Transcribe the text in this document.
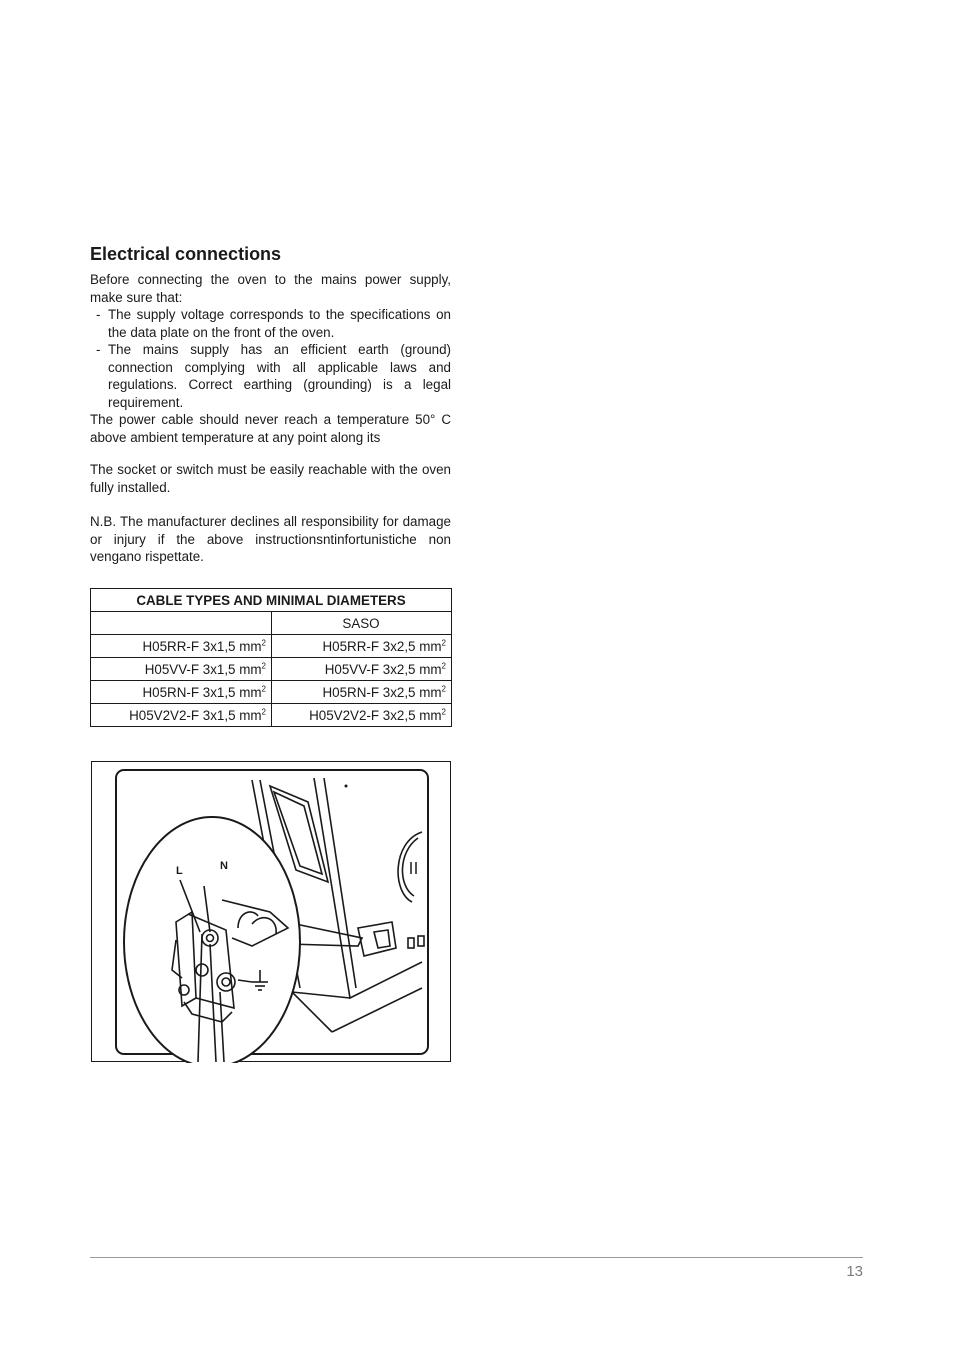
Electrical connections

Before connecting the oven to the mains power supply, make sure that:

- The supply voltage corresponds to the specifications on the data plate on the front of the oven.
- The mains supply has an efficient earth (ground) connection complying with all applicable laws and regulations. Correct earthing (grounding) is a legal requirement.

The power cable should never reach a temperature 50° C above ambient temperature at any point along its

The socket or switch must be easily reachable with the oven fully installed.

N.B. The manufacturer declines all responsibility for damage or injury if the above instructionsntinfortunistiche non vengano rispettate.

CABLE TYPES AND MINIMAL DIAMETERS	
	SASO
H05RR-F 3x1,5 $mm^2$	H05RR-F 3x2,5 $mm^2$
H05VV-F 3x1,5 $mm^2$	H05VV-F 3x2,5 $mm^2$
H05RN-F 3x1,5 $mm^2$	H05RN-F 3x2,5 $mm^2$
H05V2V2-F 3x1,5 $mm^2$	H05V2V2-F 3x2,5 $mm^2$
L	N
13
